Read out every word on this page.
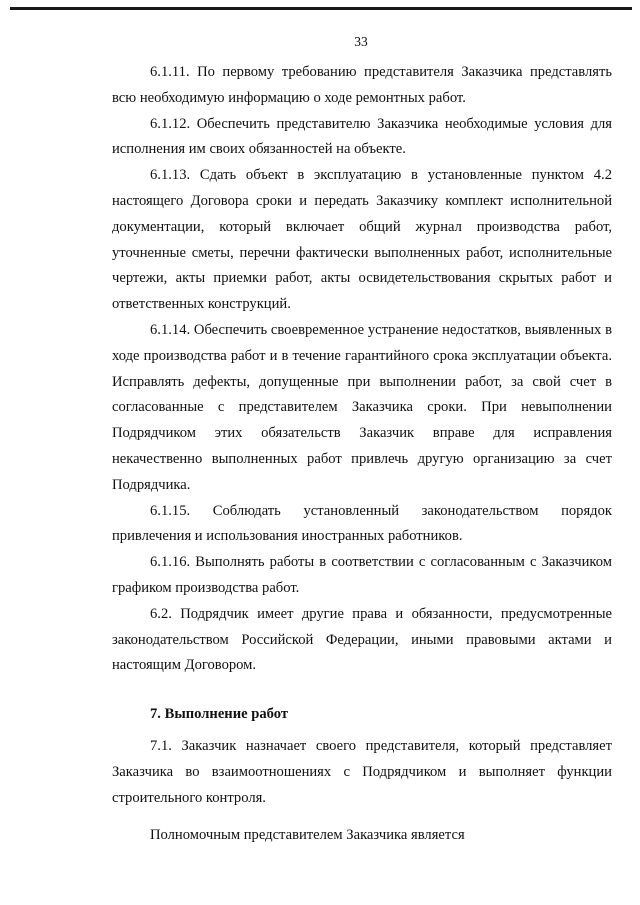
33

6.1.11. По первому требованию представителя Заказчика представлять всю необходимую информацию о ходе ремонтных работ.

6.1.12. Обеспечить представителю Заказчика необходимые условия для исполнения им своих обязанностей на объекте.

6.1.13. Сдать объект в эксплуатацию в установленные пунктом 4.2 настоящего Договора сроки и передать Заказчику комплект исполнительной документации, который включает общий журнал производства работ, уточненные сметы, перечни фактически выполненных работ, исполнительные чертежи, акты приемки работ, акты освидетельствования скрытых работ и ответственных конструкций.

6.1.14. Обеспечить своевременное устранение недостатков, выявленных в ходе производства работ и в течение гарантийного срока эксплуатации объекта. Исправлять дефекты, допущенные при выполнении работ, за свой счет в согласованные с представителем Заказчика сроки. При невыполнении Подрядчиком этих обязательств Заказчик вправе для исправления некачественно выполненных работ привлечь другую организацию за счет Подрядчика.

6.1.15. Соблюдать установленный законодательством порядок привлечения и использования иностранных работников.

6.1.16. Выполнять работы в соответствии с согласованным с Заказчиком графиком производства работ.

6.2. Подрядчик имеет другие права и обязанности, предусмотренные законодательством Российской Федерации, иными правовыми актами и настоящим Договором.

7. Выполнение работ

7.1. Заказчик назначает своего представителя, который представляет Заказчика во взаимоотношениях с Подрядчиком и выполняет функции строительного контроля.

Полномочным представителем Заказчика является
